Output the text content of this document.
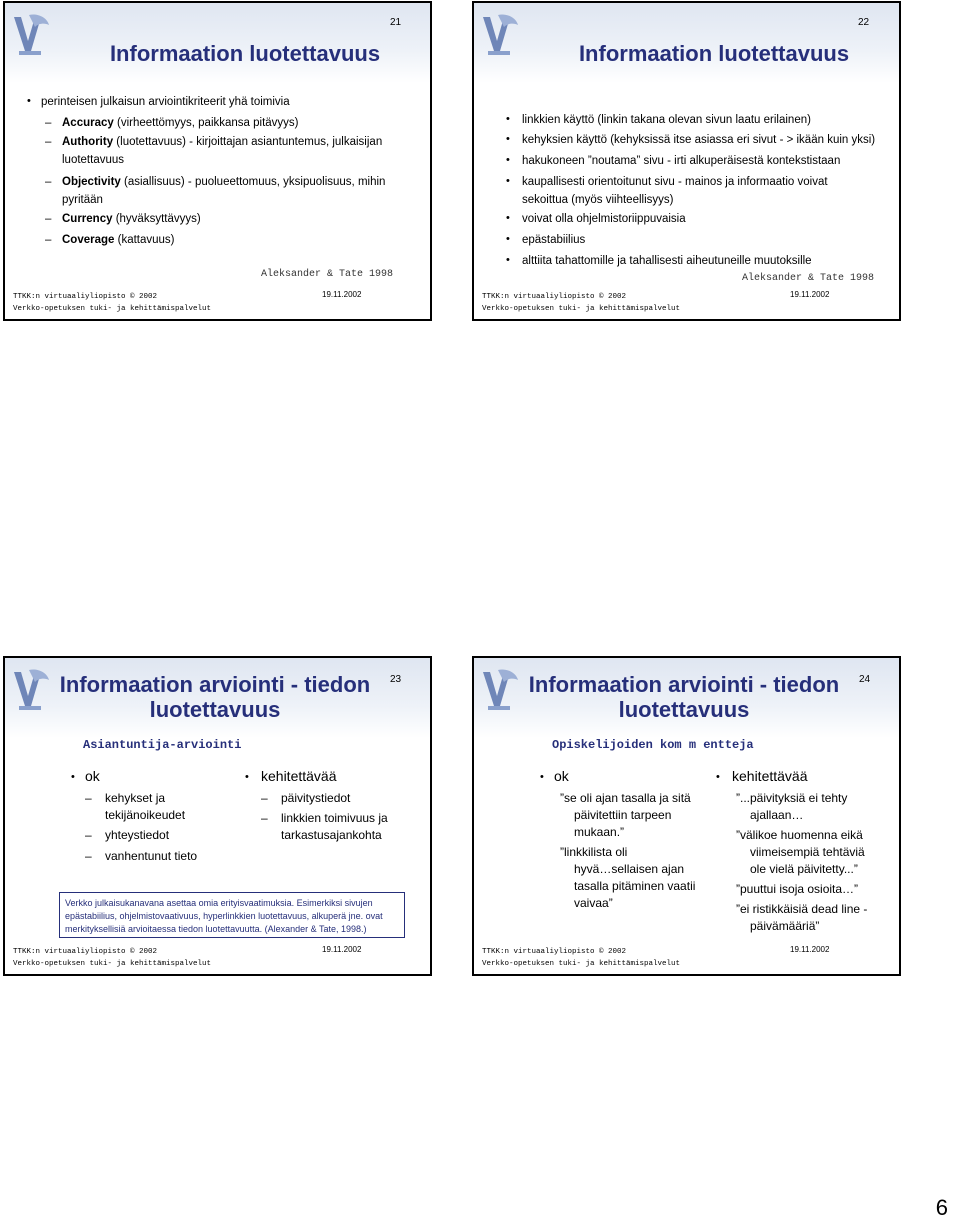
21
Informaation luotettavuus
• perinteisen julkaisun arviointikriteerit yhä toimivia
– Accuracy (virheettömyys, paikkansa pitävyys)
– Authority (luotettavuus) - kirjoittajan asiantuntemus, julkaisijan
luotettavuus
– Objectivity (asiallisuus) - puolueettomuus, yksipuolisuus, mihin
pyritään
– Currency (hyväksyttävyys)
– Coverage (kattavuus)
Aleksander & Tate 1998
TTKK:n virtuaaliyliopisto © 2002
Verkko-opetuksen tuki- ja kehittämispalvelut
19.11.2002
22
Informaation luotettavuus
• linkkien käyttö (linkin takana olevan sivun laatu erilainen)
• kehyksien käyttö (kehyksissä itse asiassa eri sivut - > ikään kuin yksi)
• hakukoneen ”noutama” sivu - irti alkuperäisestä kontekstistaan
• kaupallisesti orientoitunut sivu - mainos ja informaatio voivat
sekoittua (myös viihteellisyys)
• voivat olla ohjelmistoriippuvaisia
• epästabiilius
• alttiita tahattomille ja tahallisesti aiheutuneille muutoksille
Aleksander & Tate 1998
TTKK:n virtuaaliyliopisto © 2002
Verkko-opetuksen tuki- ja kehittämispalvelut
19.11.2002
23
Informaation arviointi - tiedon
luotettavuus
Asiantuntija-arviointi
• ok
– kehykset ja
tekijänoikeudet
– yhteystiedot
– vanhentunut tieto
• kehitettävää
– päivitystiedot
– linkkien toimivuus ja
tarkastusajankohta
Verkko julkaisukanavana asettaa omia erityisvaatimuksia. Esimerkiksi sivujen epästabiilius, ohjelmistovaativuus, hyperlinkkien luotettavuus, alkuperä jne. ovat merkityksellisiä arvioitaessa tiedon luotettavuutta. (Alexander & Tate, 1998.)
TTKK:n virtuaaliyliopisto © 2002
Verkko-opetuksen tuki- ja kehittämispalvelut
19.11.2002
24
Informaation arviointi - tiedon
luotettavuus
Opiskelijoiden kom m entteja
• ok
”se oli ajan tasalla ja sitä
päivitettiin tarpeen
mukaan.”
”linkkilista oli
hyvä…sellaisen ajan
tasalla pitäminen vaatii
vaivaa”
• kehitettävää
”...päivityksiä ei tehty
ajallaan…
”välikoe huomenna eikä
viimeisempiä tehtäviä
ole vielä päivitetty...”
”puuttui isoja osioita…”
”ei ristikkäisiä dead line -
päivämääriä”
TTKK:n virtuaaliyliopisto © 2002
Verkko-opetuksen tuki- ja kehittämispalvelut
19.11.2002
6
